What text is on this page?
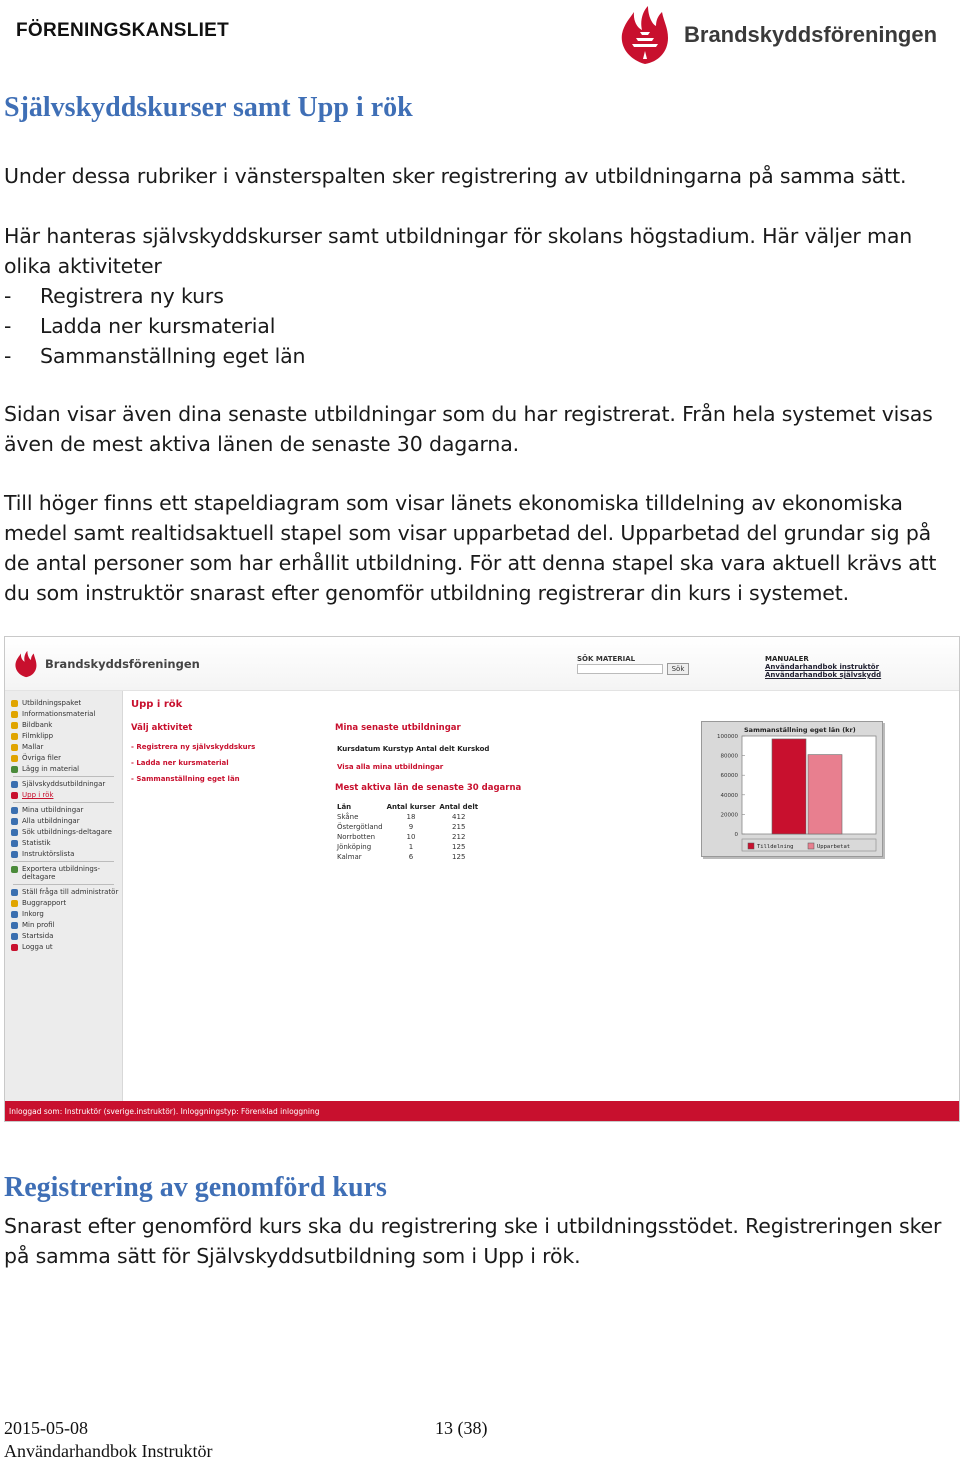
FÖRENINGSKANSLIET	Brandskyddsföreningen
Självskyddskurser samt Upp i rök
Under dessa rubriker i vänsterspalten sker registrering av utbildningarna på samma sätt.
Här hanteras självskyddskurser samt utbildningar för skolans högstadium. Här väljer man olika aktiviteter
-	Registrera ny kurs
-	Ladda ner kursmaterial
-	Sammanställning eget län
Sidan visar även dina senaste utbildningar som du har registrerat. Från hela systemet visas även de mest aktiva länen de senaste 30 dagarna.
Till höger finns ett stapeldiagram som visar länets ekonomiska tilldelning av ekonomiska medel samt realtidsaktuell stapel som visar upparbetad del. Upparbetad del grundar sig på de antal personer som har erhållit utbildning. För att denna stapel ska vara aktuell krävs att du som instruktör snarast efter genomför utbildning registrerar din kurs i systemet.
Brandskyddsföreningen	SÖK MATERIAL
Sök
MANUALER
Användarhandbok instruktör
Användarhandbok självskydd
Utbildningspaket
Informationsmaterial
Bildbank
Filmklipp
Mallar
Övriga filer
Lägg in material
Självskyddsutbildningar
Upp i rök
Mina utbildningar
Alla utbildningar
Sök utbildnings-deltagare
Statistik
Instruktörslista
Exportera utbildnings-deltagare
Ställ fråga till administratör
Buggrapport
Inkorg
Min profil
Startsida
Logga ut
Upp i rök
Välj aktivitet
- Registrera ny självskyddskurs
- Ladda ner kursmaterial
- Sammanställning eget län
Mina senaste utbildningar
Kursdatum Kurstyp Antal delt Kurskod
Visa alla mina utbildningar
Mest aktiva län de senaste 30 dagarna
Län	Antal kurser	Antal delt
Skåne	18	412
Östergötland	9	215
Norrbotten	10	212
Jönköping	1	125
Kalmar	6	125
Sammanställning eget län (kr)
100000
80000
60000
40000
20000
0
Tilldelning	Upparbetat
Inloggad som: Instruktör (sverige.instruktör). Inloggningstyp: Förenklad inloggning
Registrering av genomförd kurs
Snarast efter genomförd kurs ska du registrering ske i utbildningsstödet. Registreringen sker på samma sätt för Självskyddsutbildning som i Upp i rök.
2015-05-08	13 (38)
Användarhandbok Instruktör
